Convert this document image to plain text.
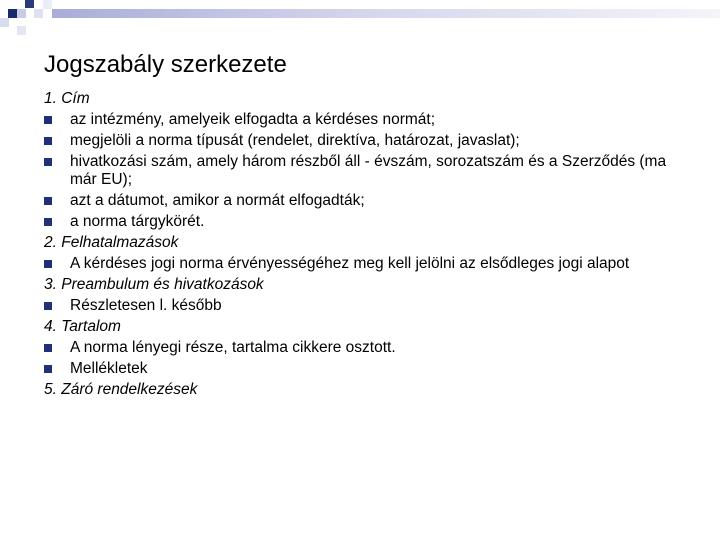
Jogszabály szerkezete
1. Cím
az intézmény, amelyeik elfogadta a kérdéses normát;
megjelöli a norma típusát (rendelet, direktíva, határozat, javaslat);
hivatkozási szám, amely három részből áll - évszám, sorozatszám és a Szerződés (ma már EU);
azt a dátumot, amikor a normát elfogadták;
a norma tárgykörét.
2. Felhatalmazások
A kérdéses jogi norma érvényességéhez meg kell jelölni az elsődleges jogi alapot
3. Preambulum és hivatkozások
Részletesen l. később
4. Tartalom
A norma lényegi része, tartalma cikkere osztott.
Mellékletek
5. Záró rendelkezések
